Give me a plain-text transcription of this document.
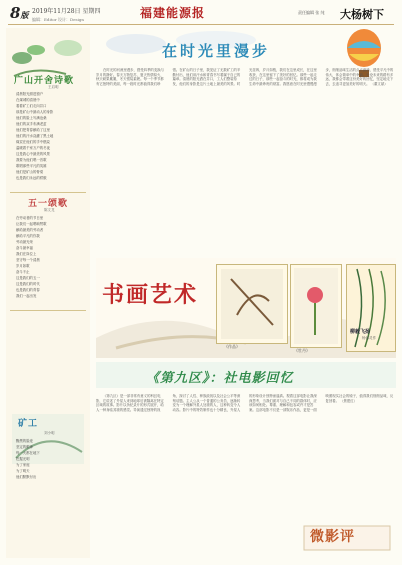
8版 2019年11月28日 星期四
编辑：Editor 设计：Design	福建能源报	责任编辑 张 纯 大杨树下
广山开舍诗歌
王启明
清晨阳光照进窗户
在煤城的清晨中
看着矿工们走向井口
那是矿山中最动人的身影
他们的脸上写满沧桑
他们的双手布满老茧
他们把青春献给了这里
他们的汗水浇灌了黑土地
煤炭在他们的手中燃烧
温暖着千家万户的冬夜
这是我心中最美的风景
我要为他们唱一首歌
歌唱那些平凡的英雄
他们是矿山的脊梁
也是我们永远的骄傲
五一颂歌
陈文龙
在劳动者的节日里
让我们一起唱响赞歌
献给最美的劳动者
献给平凡的你我
劳动最光荣
奋斗最幸福
我们在岗位上
坚守每一个清晨
岁月如歌
奋斗不止
这是我们的五一
这是我们的时代
也是我们的青春
我们一起出发
矿工
刘小明
黝黑的脸庞
坚定的眼神
每一天都在地下
挖掘光明
为了家庭
为了明天
他们默默付出
在时光里漫步
在时光的河流里漫步，感受四季的变换与岁月的静好。春天万物复苏，夏天热情似火，秋天硕果累累，冬天银装素裹。每一个季节都有它独特的美丽，每一段时光都值得我们珍惜。在矿山的日子里，我见证了无数矿工的辛勤付出，他们用汗水和青春书写着属于自己的篇章。清晨的阳光洒在井口，工人们整装待发，他们的身影是这片土地上最美的风景。时光荏苒，岁月如梭，我们在这里成长，在这里收获，在这里留下了美好的回忆。那些一起走过的日子，那些一起奋斗的时光，都将成为我生命中最珍贵的财富。我愿意在时光里慢慢漫步，细细品味生活的点点滴滴，感受平凡中的伟大，体会简单中的幸福。无论未来的路有多远，我都会带着这份美好的回忆，坚定地走下去，去追寻更加美好的明天。 （董文斌）
书画艺术
《作品》
《牡丹》
柳毅飞扬
杨伟灵作
《第九区》：社电影回忆
《第九区》是一部非常有意义的科幻电影，它讲述了外星人来到地球后被隔离在特定区域的故事。影片以伪纪录片的形式展开，给人一种身临其境的感觉。导演通过独特的视角，探讨了人性、种族歧视以及社会公平等深刻话题。主人公从一个普通的公务员，逐渐转变为一个理解外星人处境的人，这种转变令人动容。影片中的特效制作也十分精良，外星人的形象设计独特而逼真。观看这部电影让我深深思考，当我们面对与自己不同的群体时，应该如何相处。尊重、理解和包容或许才是答案。这部电影不仅是一部娱乐作品，更是一面映照现实社会的镜子，值得我们细细品味，反复回看。 （焦建红）
微影评
